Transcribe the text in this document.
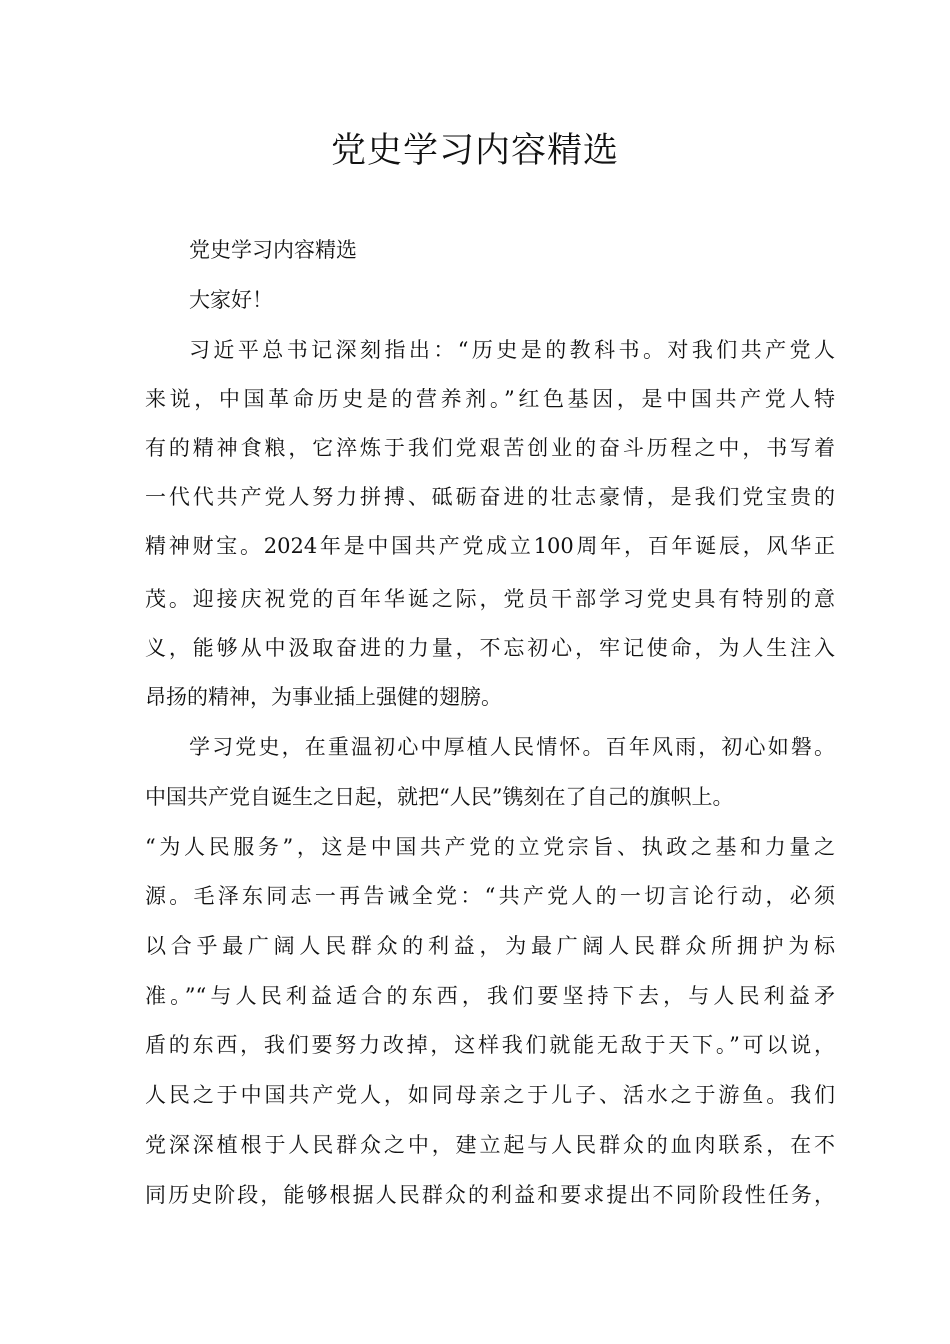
党史学习内容精选

党史学习内容精选

大家好！

习近平总书记深刻指出：“历史是的教科书。对我们共产党人

来说，中国革命历史是的营养剂。”红色基因，是中国共产党人特

有的精神食粮，它淬炼于我们党艰苦创业的奋斗历程之中，书写着

一代代共产党人努力拼搏、砥砺奋进的壮志豪情，是我们党宝贵的

精神财宝。2024年是中国共产党成立100周年，百年诞辰，风华正

茂。迎接庆祝党的百年华诞之际，党员干部学习党史具有特别的意

义，能够从中汲取奋进的力量，不忘初心，牢记使命，为人生注入

昂扬的精神，为事业插上强健的翅膀。

学习党史，在重温初心中厚植人民情怀。百年风雨，初心如磐。

中国共产党自诞生之日起，就把“人民”镌刻在了自己的旗帜上。

“为人民服务”，这是中国共产党的立党宗旨、执政之基和力量之

源。毛泽东同志一再告诫全党：“共产党人的一切言论行动，必须

以合乎最广阔人民群众的利益，为最广阔人民群众所拥护为标

准。”“与人民利益适合的东西，我们要坚持下去，与人民利益矛

盾的东西，我们要努力改掉，这样我们就能无敌于天下。”可以说，

人民之于中国共产党人，如同母亲之于儿子、活水之于游鱼。我们

党深深植根于人民群众之中，建立起与人民群众的血肉联系，在不

同历史阶段，能够根据人民群众的利益和要求提出不同阶段性任务，
